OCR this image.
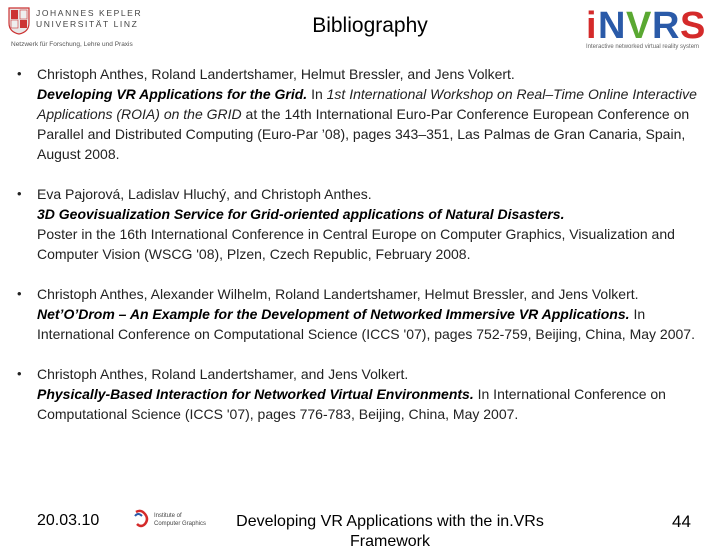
JOHANNES KEPLER
UNIVERSITÄT LINZ
Netzwerk für Forschung, Lehre und Praxis
Bibliography	i N V R S
Interactive networked virtual reality system
• Christoph Anthes, Roland Landertshamer, Helmut Bressler, and Jens Volkert.
Developing VR Applications for the Grid. In 1st International Workshop on Real–Time Online Interactive Applications (ROIA) on the GRID at the 14th International Euro-Par Conference European Conference on Parallel and Distributed Computing (Euro-Par ’08), pages 343–351, Las Palmas de Gran Canaria, Spain, August 2008.
• Eva Pajorová, Ladislav Hluchý, and Christoph Anthes.
3D Geovisualization Service for Grid-oriented applications of Natural Disasters.
Poster in the 16th International Conference in Central Europe on Computer Graphics, Visualization and Computer Vision (WSCG '08), Plzen, Czech Republic, February 2008.
• Christoph Anthes, Alexander Wilhelm, Roland Landertshamer, Helmut Bressler, and Jens Volkert.
Net’O’Drom – An Example for the Development of Networked Immersive VR Applications. In International Conference on Computational Science (ICCS '07), pages 752-759, Beijing, China, May 2007.
• Christoph Anthes, Roland Landertshamer, and Jens Volkert.
Physically-Based Interaction for Networked Virtual Environments. In International Conference on Computational Science (ICCS '07), pages 776-783, Beijing, China, May 2007.
20.03.10	Institute of
Computer Graphics	Developing VR Applications with the in.VRs Framework
44
